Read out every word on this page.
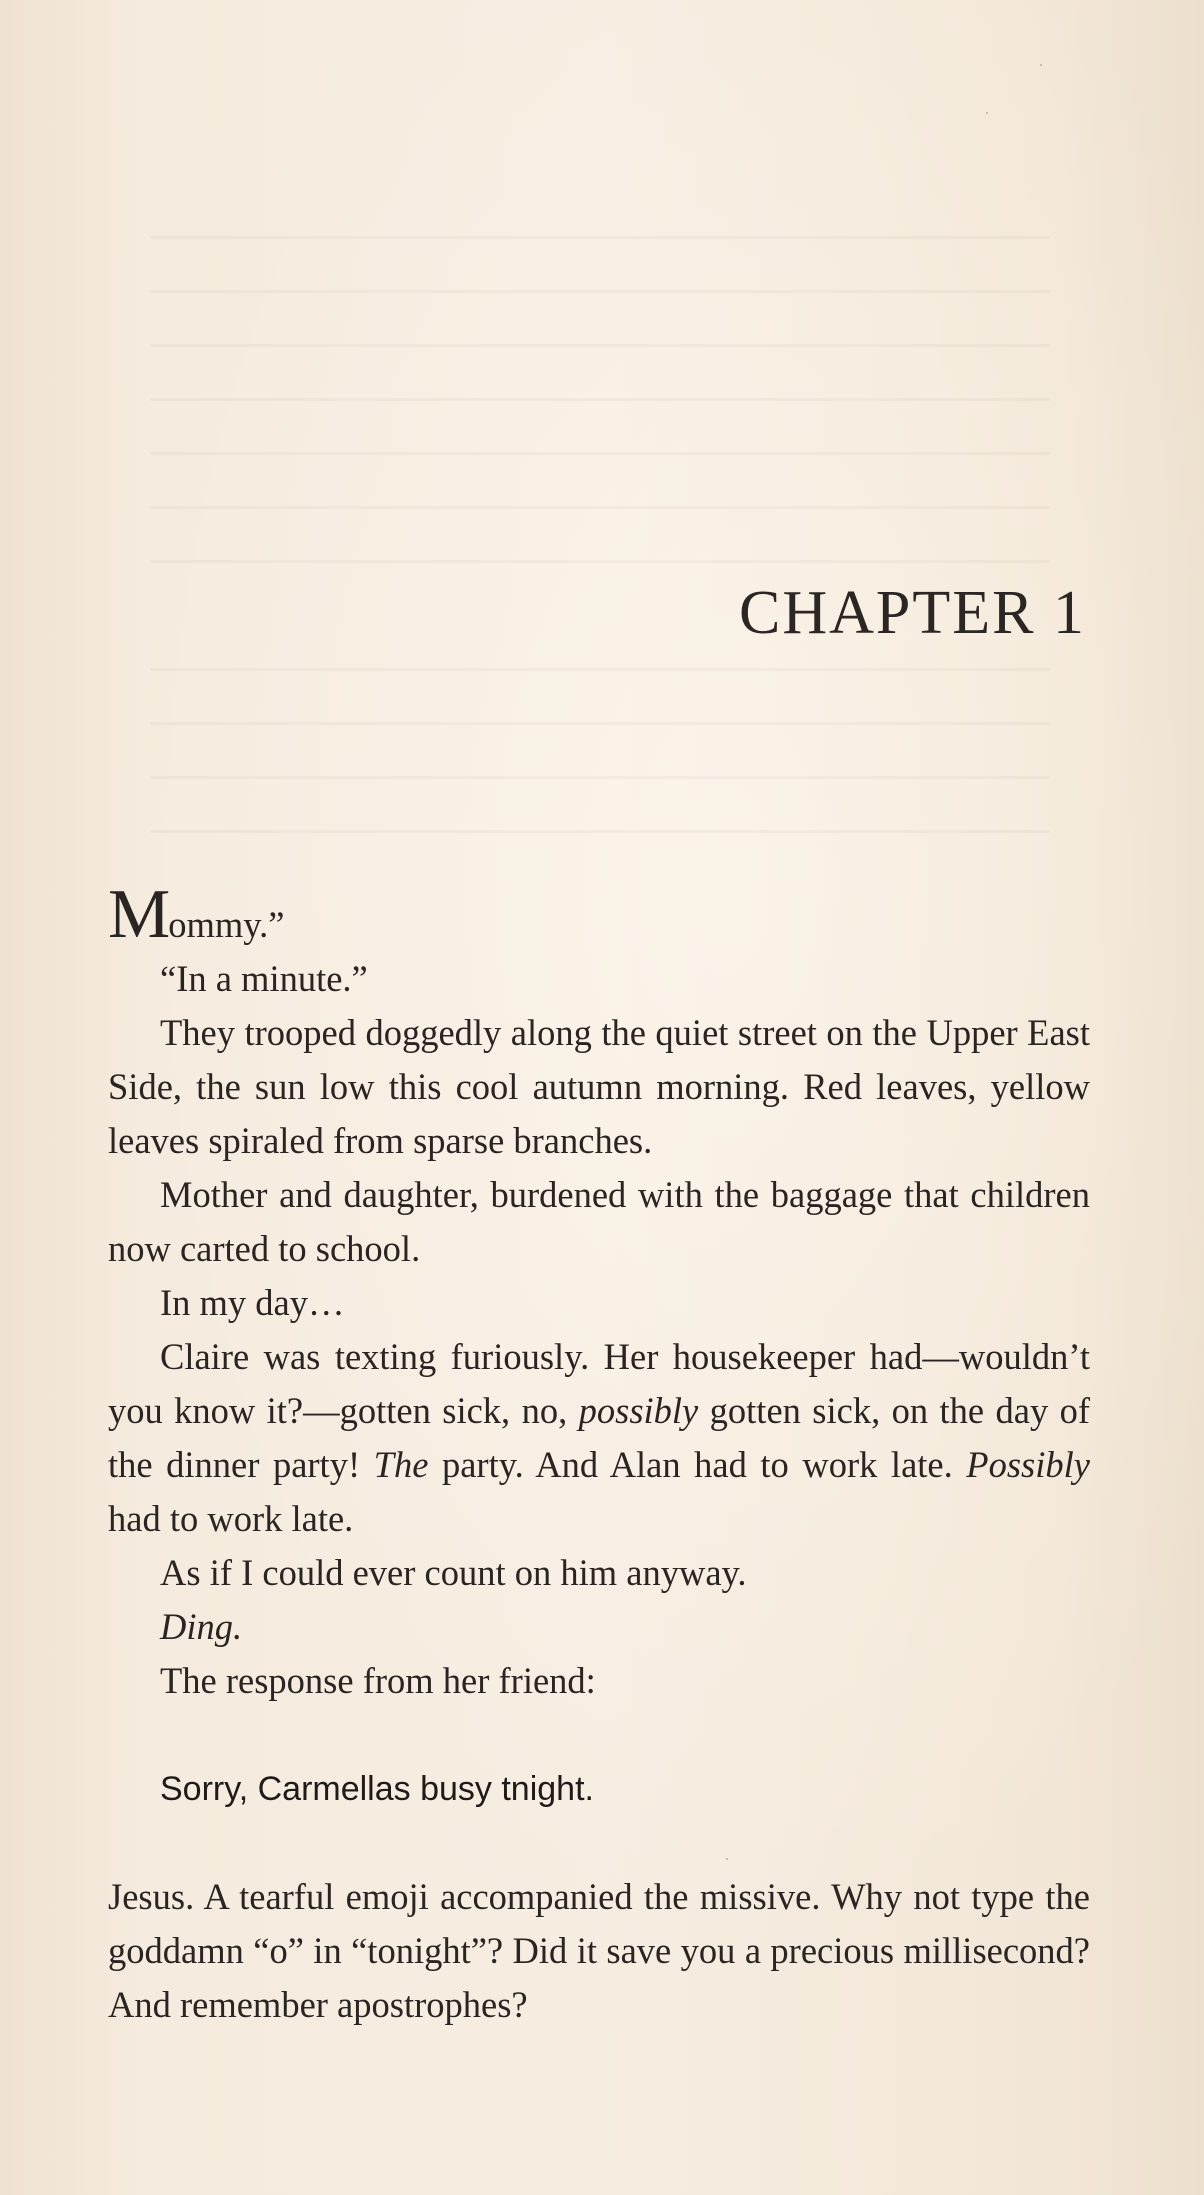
CHAPTER 1

Mommy.”

“In a minute.”

They trooped doggedly along the quiet street on the Upper East Side, the sun low this cool autumn morning. Red leaves, yellow leaves spiraled from sparse branches.

Mother and daughter, burdened with the baggage that children now carted to school.

In my day…

Claire was texting furiously. Her housekeeper had—wouldn’t you know it?—gotten sick, no, possibly gotten sick, on the day of the dinner party! The party. And Alan had to work late. Possibly had to work late.

As if I could ever count on him anyway.

Ding.

The response from her friend:

Sorry, Carmellas busy tnight.

Jesus. A tearful emoji accompanied the missive. Why not type the goddamn “o” in “tonight”? Did it save you a precious millisecond? And remember apostrophes?
